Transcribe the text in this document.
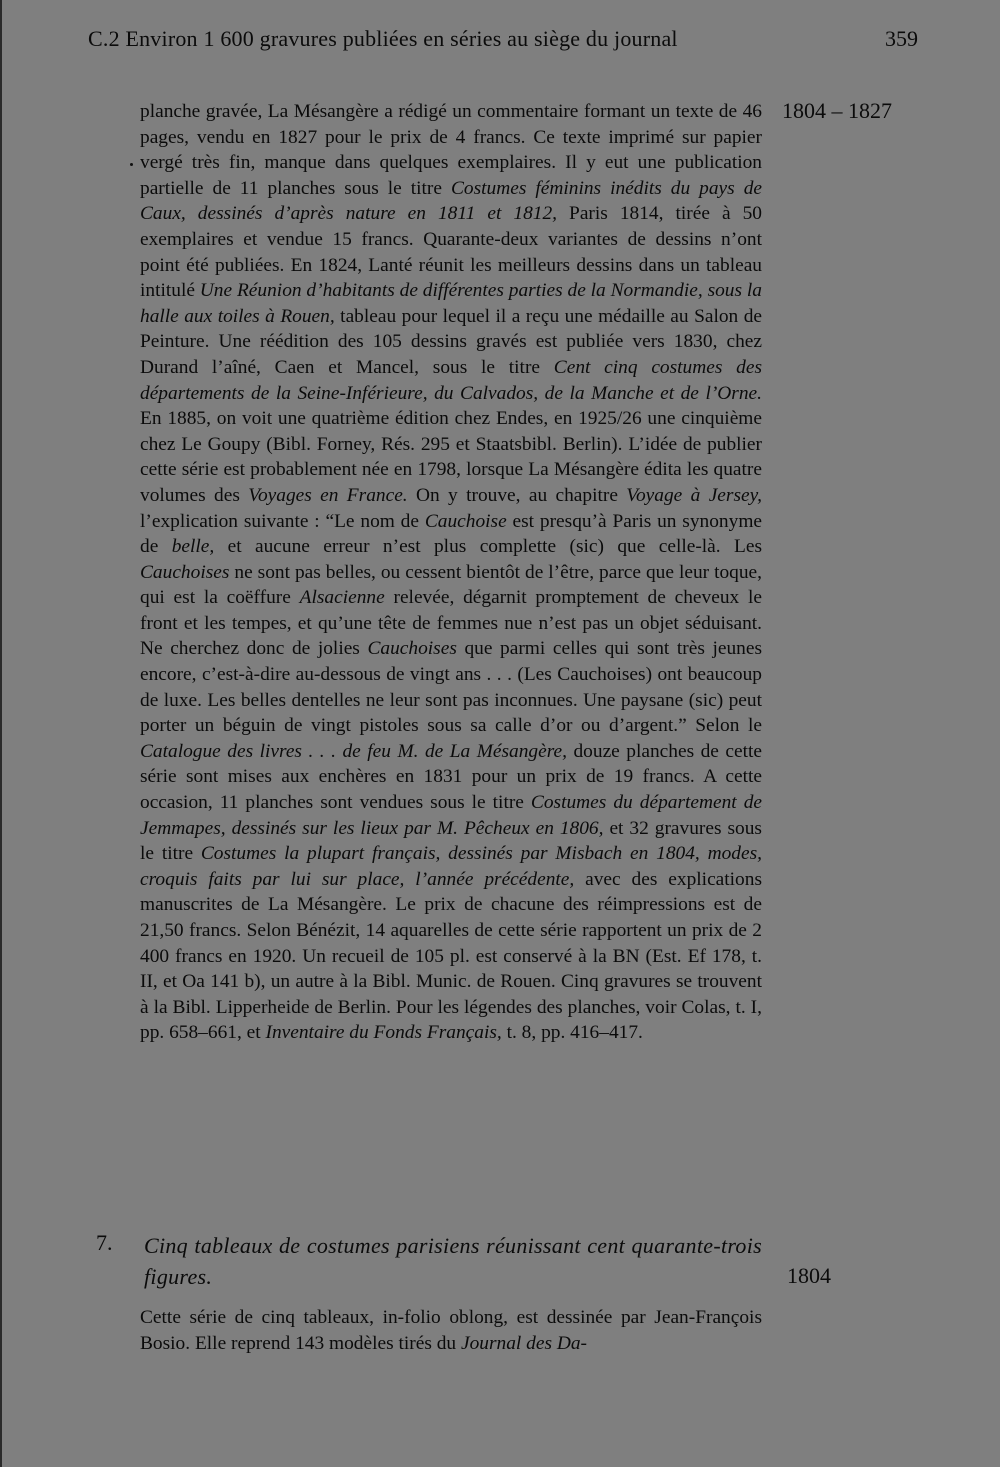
C.2 Environ 1 600 gravures publiées en séries au siège du journal	359
1804 – 1827

planche gravée, La Mésangère a rédigé un commentaire formant un texte de 46 pages, vendu en 1827 pour le prix de 4 francs. Ce texte imprimé sur papier vergé très fin, manque dans quelques exemplaires. Il y eut une publication partielle de 11 planches sous le titre Costumes féminins inédits du pays de Caux, dessinés d’après nature en 1811 et 1812, Paris 1814, tirée à 50 exemplaires et vendue 15 francs. Quarante-deux variantes de dessins n’ont point été publiées. En 1824, Lanté réunit les meilleurs dessins dans un tableau intitulé Une Réunion d’habitants de différentes parties de la Normandie, sous la halle aux toiles à Rouen, tableau pour lequel il a reçu une médaille au Salon de Peinture. Une réédition des 105 dessins gravés est publiée vers 1830, chez Durand l’aîné, Caen et Mancel, sous le titre Cent cinq costumes des départements de la Seine-Inférieure, du Calvados, de la Manche et de l’Orne. En 1885, on voit une quatrième édition chez Endes, en 1925/26 une cinquième chez Le Goupy (Bibl. Forney, Rés. 295 et Staatsbibl. Berlin). L’idée de publier cette série est probablement née en 1798, lorsque La Mésangère édita les quatre volumes des Voyages en France. On y trouve, au chapitre Voyage à Jersey, l’explication suivante : “Le nom de Cauchoise est presqu’à Paris un synonyme de belle, et aucune erreur n’est plus complette (sic) que celle-là. Les Cauchoises ne sont pas belles, ou cessent bientôt de l’être, parce que leur toque, qui est la coëffure Alsacienne relevée, dégarnit promptement de cheveux le front et les tempes, et qu’une tête de femmes nue n’est pas un objet séduisant. Ne cherchez donc de jolies Cauchoises que parmi celles qui sont très jeunes encore, c’est-à-dire au-dessous de vingt ans . . . (Les Cauchoises) ont beaucoup de luxe. Les belles dentelles ne leur sont pas inconnues. Une paysane (sic) peut porter un béguin de vingt pistoles sous sa calle d’or ou d’argent.” Selon le Catalogue des livres . . . de feu M. de La Mésangère, douze planches de cette série sont mises aux enchères en 1831 pour un prix de 19 francs. A cette occasion, 11 planches sont vendues sous le titre Costumes du département de Jemmapes, dessinés sur les lieux par M. Pêcheux en 1806, et 32 gravures sous le titre Costumes la plupart français, dessinés par Misbach en 1804, modes, croquis faits par lui sur place, l’année précédente, avec des explications manuscrites de La Mésangère. Le prix de chacune des réimpressions est de 21,50 francs. Selon Bénézit, 14 aquarelles de cette série rapportent un prix de 2 400 francs en 1920. Un recueil de 105 pl. est conservé à la BN (Est. Ef 178, t. II, et Oa 141 b), un autre à la Bibl. Munic. de Rouen. Cinq gravures se trouvent à la Bibl. Lipperheide de Berlin. Pour les légendes des planches, voir Colas, t. I, pp. 658–661, et Inventaire du Fonds Français, t. 8, pp. 416–417.

7. Cinq tableaux de costumes parisiens réunissant cent quarante-trois figures.	1804

Cette série de cinq tableaux, in-folio oblong, est dessinée par Jean-François Bosio. Elle reprend 143 modèles tirés du Journal des Da-
